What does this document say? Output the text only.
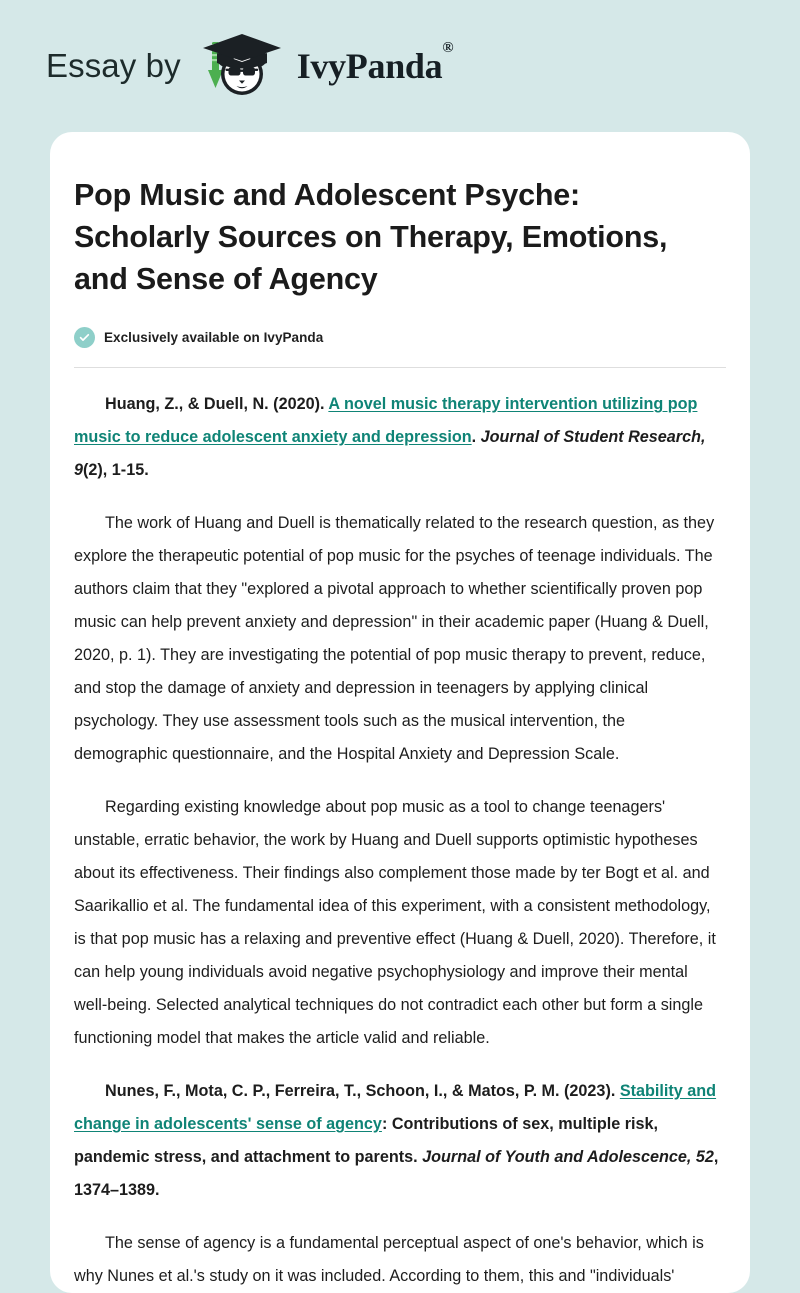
Essay by	IvyPanda®
Pop Music and Adolescent Psyche: Scholarly Sources on Therapy, Emotions, and Sense of Agency
Exclusively available on IvyPanda

Huang, Z., & Duell, N. (2020). A novel music therapy intervention utilizing pop music to reduce adolescent anxiety and depression. Journal of Student Research, 9(2), 1-15.

The work of Huang and Duell is thematically related to the research question, as they explore the therapeutic potential of pop music for the psyches of teenage individuals. The authors claim that they "explored a pivotal approach to whether scientifically proven pop music can help prevent anxiety and depression" in their academic paper (Huang & Duell, 2020, p. 1). They are investigating the potential of pop music therapy to prevent, reduce, and stop the damage of anxiety and depression in teenagers by applying clinical psychology. They use assessment tools such as the musical intervention, the demographic questionnaire, and the Hospital Anxiety and Depression Scale.

Regarding existing knowledge about pop music as a tool to change teenagers' unstable, erratic behavior, the work by Huang and Duell supports optimistic hypotheses about its effectiveness. Their findings also complement those made by ter Bogt et al. and Saarikallio et al. The fundamental idea of this experiment, with a consistent methodology, is that pop music has a relaxing and preventive effect (Huang & Duell, 2020). Therefore, it can help young individuals avoid negative psychophysiology and improve their mental well-being. Selected analytical techniques do not contradict each other but form a single functioning model that makes the article valid and reliable.

Nunes, F., Mota, C. P., Ferreira, T., Schoon, I., & Matos, P. M. (2023). Stability and change in adolescents' sense of agency: Contributions of sex, multiple risk, pandemic stress, and attachment to parents. Journal of Youth and Adolescence, 52, 1374–1389.

The sense of agency is a fundamental perceptual aspect of one's behavior, which is why Nunes et al.'s study on it was included. According to them, this and "individuals'
